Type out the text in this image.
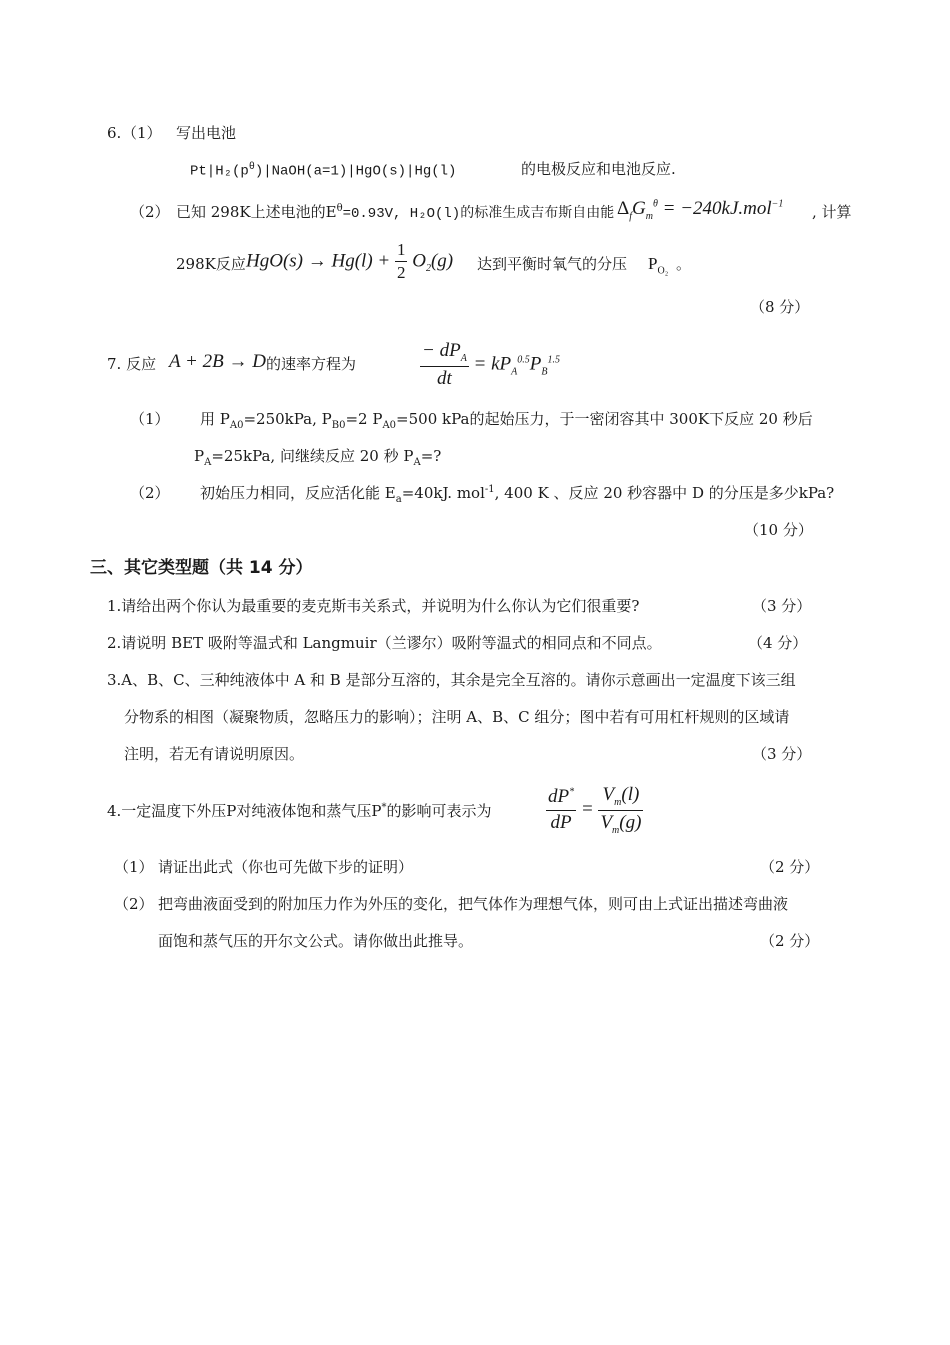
6. （1） 写出电池
$Pt|H_2(p^\theta)|NaOH(a=1)|HgO(s)|Hg(l)$	的电极反应和电池反应.
（2） 已知 298K上述电池的$E^\theta=0.93V$, H₂O(l)的标准生成吉布斯自由能 $\Delta_fG_m^\theta = -240kJ.mol^{-1}$ , 计算
298K反应 $HgO(s) \to Hg(l) + \frac{1}{2} O_2(g)$ 达到平衡时氧气的分压 $P_{O_2}$ 。
（8 分）
7. 反应 A + 2B → D 的速率方程为	$\frac{- dP_A}{dt} = kP_A^{0.5}P_B^{1.5}$
（1） 用 $P_{A0}=250kPa$, $P_{B0}=2$ $P_{A0}=500$ kPa的起始压力，于一密闭容其中 300K下反应 20 秒后
$P_A=25kPa$, 问继续反应 20 秒 $P_A=$?
（2） 初始压力相同，反应活化能 $E_a=40kJ$. mol$^{-1}$, 400 K 、反应 20 秒容器中 D 的分压是多少kPa?
（10 分）
三、其它类型题（共 14 分）
1.请给出两个你认为最重要的麦克斯韦关系式，并说明为什么你认为它们很重要?	（3 分）
2.请说明 BET 吸附等温式和 Langmuir（兰谬尔）吸附等温式的相同点和不同点。	（4 分）
3.A、B、C、三种纯液体中 A 和 B 是部分互溶的，其余是完全互溶的。请你示意画出一定温度下该三组
分物系的相图（凝聚物质，忽略压力的影响）；注明 A、B、C 组分；图中若有可用杠杆规则的区域请
注明，若无有请说明原因。	（3 分）
4.一定温度下外压P对纯液体饱和蒸气压P*的影响可表示为	$\frac{dP^*}{dP} = \frac{V_m(l)}{V_m(g)}$
（1） 请证出此式（你也可先做下步的证明）	（2 分）
（2） 把弯曲液面受到的附加压力作为外压的变化，把气体作为理想气体，则可由上式证出描述弯曲液
面饱和蒸气压的开尔文公式。请你做出此推导。	（2 分）
